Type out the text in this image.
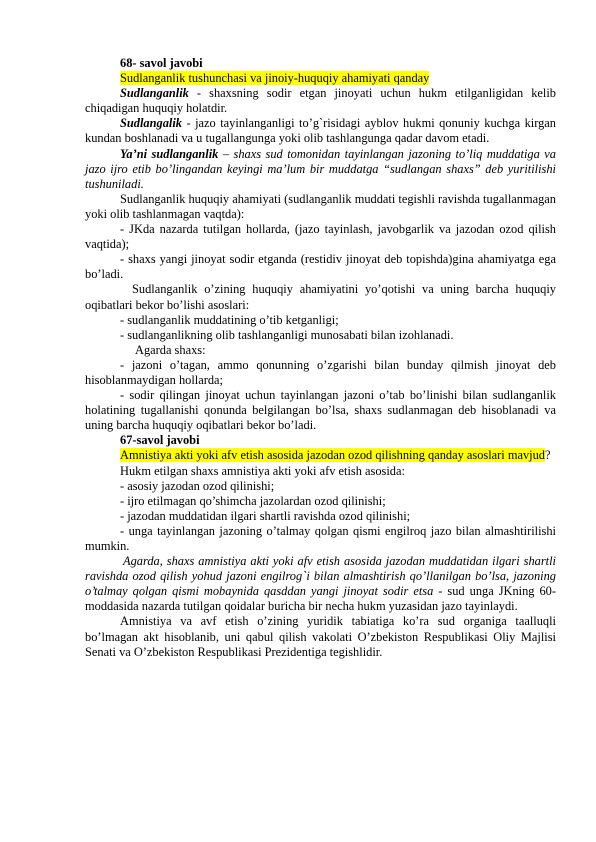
68- savol javobi

Sudlanganlik tushunchasi va jinoiy-huquqiy ahamiyati qanday

Sudlanganlik - shaxsning sodir etgan jinoyati uchun hukm etilganligidan kelib chiqadigan huquqiy holatdir.

Sudlangalik - jazo tayinlanganligi to’g`risidagi ayblov hukmi qonuniy kuchga kirgan kundan boshlanadi va u tugallangunga yoki olib tashlangunga qadar davom etadi.

Ya’ni sudlanganlik – shaxs sud tomonidan tayinlangan jazoning to’liq muddatiga va jazo ijro etib bo’lingandan keyingi ma’lum bir muddatga “sudlangan shaxs” deb yuritilishi tushuniladi.

Sudlanganlik huquqiy ahamiyati (sudlanganlik muddati tegishli ravishda tugallanmagan yoki olib tashlanmagan vaqtda):

- JKda nazarda tutilgan hollarda, (jazo tayinlash, javobgarlik va jazodan ozod qilish vaqtida);

- shaxs yangi jinoyat sodir etganda (restidiv jinoyat deb topishda)gina ahamiyatga ega bo’ladi.

Sudlanganlik o’zining huquqiy ahamiyatini yo’qotishi va uning barcha huquqiy oqibatlari bekor bo’lishi asoslari:

- sudlanganlik muddatining o’tib ketganligi;

- sudlanganlikning olib tashlanganligi munosabati bilan izohlanadi.

Agarda shaxs:

- jazoni o’tagan, ammo qonunning o’zgarishi bilan bunday qilmish jinoyat deb hisoblanmaydigan hollarda;

- sodir qilingan jinoyat uchun tayinlangan jazoni o’tab bo’linishi bilan sudlanganlik holatining tugallanishi qonunda belgilangan bo’lsa, shaxs sudlanmagan deb hisoblanadi va uning barcha huquqiy oqibatlari bekor bo’ladi.

67-savol javobi

Amnistiya akti yoki afv etish asosida jazodan ozod qilishning qanday asoslari mavjud?

Hukm etilgan shaxs amnistiya akti yoki afv etish asosida:

- asosiy jazodan ozod qilinishi;

- ijro etilmagan qo’shimcha jazolardan ozod qilinishi;

- jazodan muddatidan ilgari shartli ravishda ozod qilinishi;

- unga tayinlangan jazoning o’talmay qolgan qismi engilroq jazo bilan almashtirilishi mumkin.

Agarda, shaxs amnistiya akti yoki afv etish asosida jazodan muddatidan ilgari shartli ravishda ozod qilish yohud jazoni engilrog`i bilan almashtirish qo’llanilgan bo’lsa, jazoning o’talmay qolgan qismi mobaynida qasddan yangi jinoyat sodir etsa - sud unga JKning 60-moddasida nazarda tutilgan qoidalar buґicha bir necha hukm yuzasidan jazo tayinlaydi.

Amnistiya va avf etish o’zining yuridik tabiatiga ko’ra sud organiga taalluqli bo’lmagan akt hisoblanib, uni qabul qilish vakolati O’zbekiston Respublikasi Oliy Majlisi Senati va O’zbekiston Respublikasi Prezidentiga tegishlidir.
